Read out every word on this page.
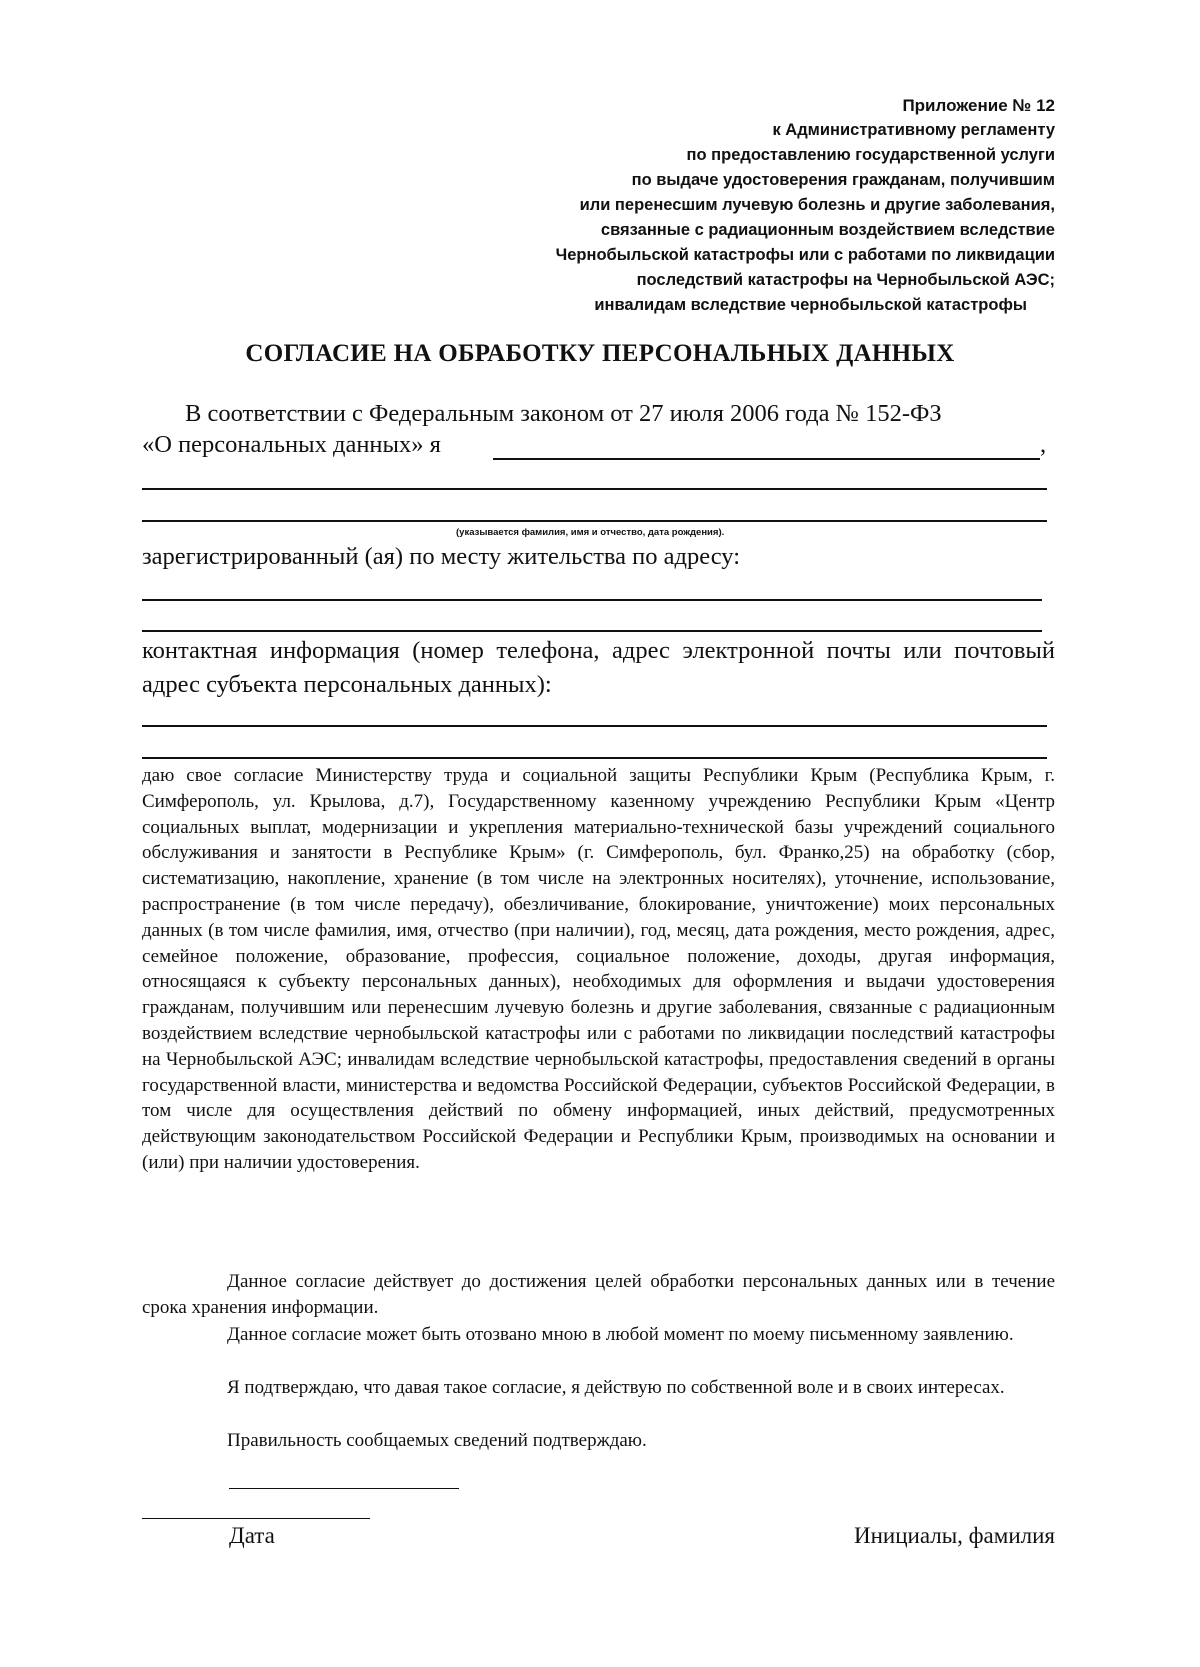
Приложение № 12
к Административному регламенту
по предоставлению государственной услуги
по выдаче удостоверения гражданам, получившим
или перенесшим лучевую болезнь и другие заболевания,
связанные с радиационным воздействием вследствие
Чернобыльской катастрофы или с работами по ликвидации
последствий катастрофы на Чернобыльской АЭС;
инвалидам вследствие чернобыльской катастрофы
СОГЛАСИЕ НА ОБРАБОТКУ ПЕРСОНАЛЬНЫХ ДАННЫХ
В соответствии с Федеральным законом от 27 июля 2006 года № 152-ФЗ
«О персональных данных» я	,
(указывается фамилия, имя и отчество, дата рождения).
зарегистрированный (ая) по месту жительства по адресу:
контактная информация (номер телефона, адрес электронной почты или почтовый адрес субъекта персональных данных):
даю свое согласие Министерству труда и социальной защиты Республики Крым (Республика Крым, г. Симферополь, ул. Крылова, д.7), Государственному казенному учреждению Республики Крым «Центр социальных выплат, модернизации и укрепления материально-технической базы учреждений социального обслуживания и занятости в Республике Крым» (г. Симферополь, бул. Франко,25) на обработку (сбор, систематизацию, накопление, хранение (в том числе на электронных носителях), уточнение, использование, распространение (в том числе передачу), обезличивание, блокирование, уничтожение) моих персональных данных (в том числе фамилия, имя, отчество (при наличии), год, месяц, дата рождения, место рождения, адрес, семейное положение, образование, профессия, социальное положение, доходы, другая информация, относящаяся к субъекту персональных данных), необходимых для оформления и выдачи удостоверения гражданам, получившим или перенесшим лучевую болезнь и другие заболевания, связанные с радиационным воздействием вследствие чернобыльской катастрофы или с работами по ликвидации последствий катастрофы на Чернобыльской АЭС; инвалидам вследствие чернобыльской катастрофы, предоставления сведений в органы государственной власти, министерства и ведомства Российской Федерации, субъектов Российской Федерации, в том числе для осуществления действий по обмену информацией, иных действий, предусмотренных действующим законодательством Российской Федерации и Республики Крым, производимых на основании и (или) при наличии удостоверения.
Данное согласие действует до достижения целей обработки персональных данных или в течение срока хранения информации.
Данное согласие может быть отозвано мною в любой момент по моему письменному заявлению.
Я подтверждаю, что давая такое согласие, я действую по собственной воле и в своих интересах.
Правильность сообщаемых сведений подтверждаю.
Дата	Инициалы, фамилия
